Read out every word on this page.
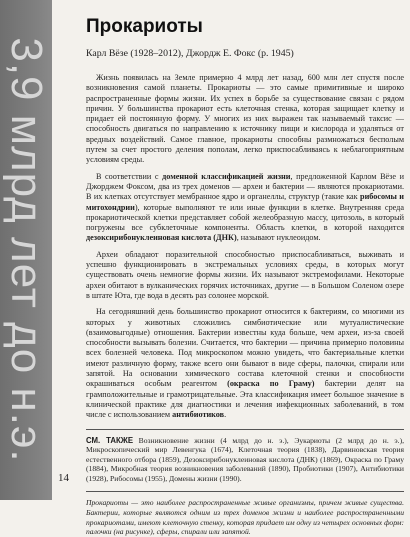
3,9 млрд лет до н.э.
Прокариоты
Карл Вёзе (1928–2012), Джордж Е. Фокс (р. 1945)

Жизнь появилась на Земле примерно 4 млрд лет назад, 600 млн лет спустя после возникновения самой планеты. Прокариоты — это самые примитивные и широко распространенные формы жизни. Их успех в борьбе за существование связан с рядом причин. У большинства прокариот есть клеточная стенка, которая защищает клетку и придает ей постоянную форму. У многих из них выражен так называемый таксис — способность двигаться по направлению к источнику пищи и кислорода и удаляться от вредных воздействий. Самое главное, прокариоты способны размножаться бесполым путем за счет простого деления пополам, легко приспосабливаясь к неблагоприятным условиям среды.

В соответствии с доменной классификацией жизни, предложенной Карлом Вёзе и Джорджем Фоксом, два из трех доменов — археи и бактерии — являются прокариотами. В их клетках отсутствует мембранное ядро и органеллы, структур (такие как рибосомы и митохондрии), которые выполняют те или иные функции в клетке. Внутренняя среда прокариотической клетки представляет собой желеобразную массу, цитозоль, в который погружены все субклеточные компоненты. Область клетки, в которой находится дезоксирибонуклеиновая кислота (ДНК), называют нуклеоидом.

Археи обладают поразительной способностью приспосабливаться, выживать и успешно функционировать в экстремальных условиях среды, в которых могут существовать очень немногие формы жизни. Их называют экстремофилами. Некоторые археи обитают в вулканических горячих источниках, другие — в Большом Соленом озере в штате Юта, где вода в десять раз солонее морской.

На сегодняшний день большинство прокариот относится к бактериям, со многими из которых у животных сложились симбиотические или мутуалистические (взаимовыгодные) отношения. Бактерии известны куда больше, чем археи, из-за своей способности вызывать болезни. Считается, что бактерии — причина примерно половины всех болезней человека. Под микроскопом можно увидеть, что бактериальные клетки имеют различную форму, также всего они бывают в виде сферы, палочки, спирали или запятой. На основании химического состава клеточной стенки и способности окрашиваться особым реагентом (окраска по Граму) бактерии делят на грамположительные и грамотрицательные. Эта классификация имеет большое значение в клинической практике для диагностики и лечения инфекционных заболеваний, в том числе с использованием антибиотиков.

СМ. ТАКЖЕ Возникновение жизни (4 млрд до н. э.), Эукариоты (2 млрд до н. э.), Микроскопический мир Левенгука (1674), Клеточная теория (1838), Дарвиновская теория естественного отбора (1859), Дезоксирибонуклеиновая кислота (ДНК) (1869), Окраска по Граму (1884), Микробная теория возникновения заболеваний (1890), Пробиотики (1907), Антибиотики (1928), Рибосомы (1955), Домены жизни (1990).
Прокариоты — это наиболее распространенные живые организмы, причем живые существа. Бактерии, которые являются одним из трех доменов жизни и наиболее распространенными прокариотами, имеют клеточную стенку, которая придает им одну из четырех основных форм: палочки (на рисунке), сферы, спирали или запятой.
14
